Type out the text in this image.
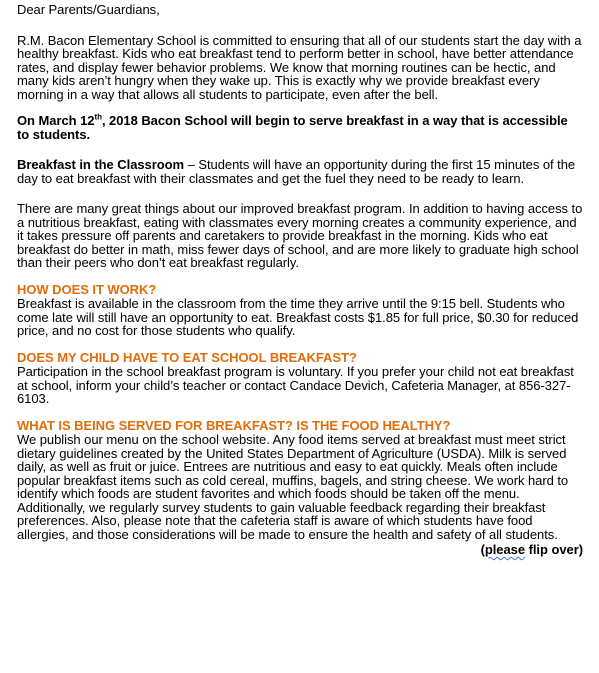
Dear Parents/Guardians,

R.M. Bacon Elementary School is committed to ensuring that all of our students start the day with a healthy breakfast. Kids who eat breakfast tend to perform better in school, have better attendance rates, and display fewer behavior problems. We know that morning routines can be hectic, and many kids aren’t hungry when they wake up. This is exactly why we provide breakfast every morning in a way that allows all students to participate, even after the bell.

On March 12th, 2018 Bacon School will begin to serve breakfast in a way that is accessible to students.

Breakfast in the Classroom – Students will have an opportunity during the first 15 minutes of the day to eat breakfast with their classmates and get the fuel they need to be ready to learn.

There are many great things about our improved breakfast program. In addition to having access to a nutritious breakfast, eating with classmates every morning creates a community experience, and it takes pressure off parents and caretakers to provide breakfast in the morning. Kids who eat breakfast do better in math, miss fewer days of school, and are more likely to graduate high school than their peers who don’t eat breakfast regularly.

HOW DOES IT WORK?

Breakfast is available in the classroom from the time they arrive until the 9:15 bell. Students who come late will still have an opportunity to eat. Breakfast costs $1.85 for full price, $0.30 for reduced price, and no cost for those students who qualify.

DOES MY CHILD HAVE TO EAT SCHOOL BREAKFAST?

Participation in the school breakfast program is voluntary. If you prefer your child not eat breakfast at school, inform your child’s teacher or contact Candace Devich, Cafeteria Manager, at 856-327-6103.

WHAT IS BEING SERVED FOR BREAKFAST? IS THE FOOD HEALTHY?

We publish our menu on the school website. Any food items served at breakfast must meet strict dietary guidelines created by the United States Department of Agriculture (USDA). Milk is served daily, as well as fruit or juice. Entrees are nutritious and easy to eat quickly. Meals often include popular breakfast items such as cold cereal, muffins, bagels, and string cheese. We work hard to identify which foods are student favorites and which foods should be taken off the menu. Additionally, we regularly survey students to gain valuable feedback regarding their breakfast preferences. Also, please note that the cafeteria staff is aware of which students have food allergies, and those considerations will be made to ensure the health and safety of all students.

(please flip over)
